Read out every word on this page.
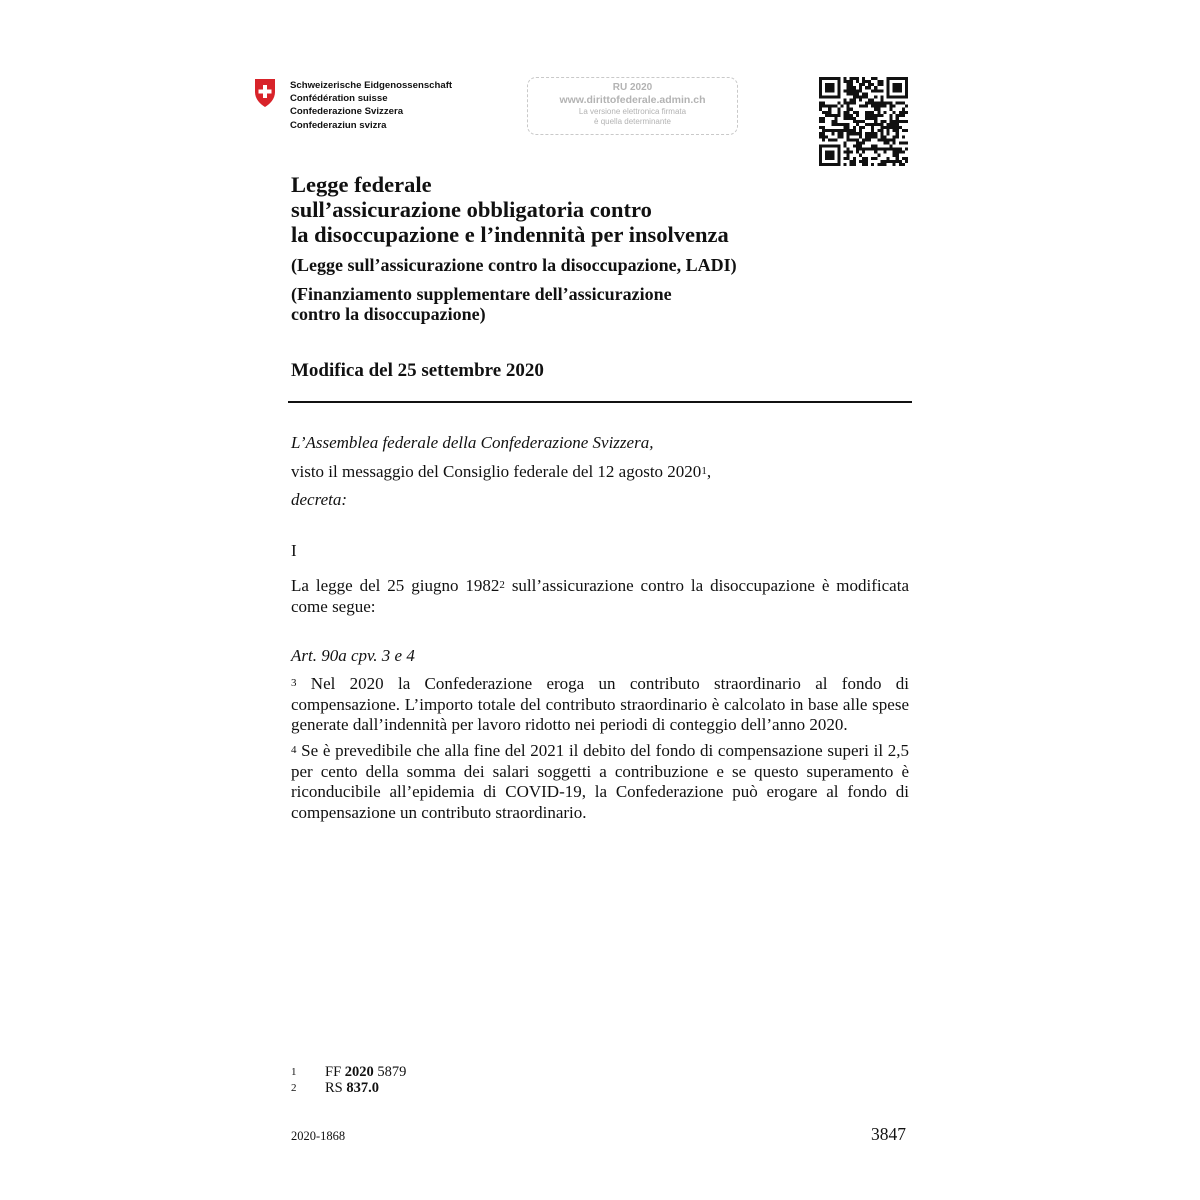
Schweizerische Eidgenossenschaft
Confédération suisse
Confederazione Svizzera
Confederaziun svizra
RU 2020
www.dirittofederale.admin.ch
La versione elettronica firmata
è quella determinante
Legge federale
sull’assicurazione obbligatoria contro
la disoccupazione e l’indennità per insolvenza
(Legge sull’assicurazione contro la disoccupazione, LADI)
(Finanziamento supplementare dell’assicurazione
contro la disoccupazione)
Modifica del 25 settembre 2020
L’Assemblea federale della Confederazione Svizzera,
visto il messaggio del Consiglio federale del 12 agosto 2020$^1$,
decreta:
I
La legge del 25 giugno 1982$^2$ sull’assicurazione contro la disoccupazione è modificata come segue:
Art. 90a cpv. 3 e 4
$^3$ Nel 2020 la Confederazione eroga un contributo straordinario al fondo di compensazione. L’importo totale del contributo straordinario è calcolato in base alle spese generate dall’indennità per lavoro ridotto nei periodi di conteggio dell’anno 2020.
$^4$ Se è prevedibile che alla fine del 2021 il debito del fondo di compensazione superi il 2,5 per cento della somma dei salari soggetti a contribuzione e se questo superamento è riconducibile all’epidemia di COVID-19, la Confederazione può erogare al fondo di compensazione un contributo straordinario.
1 FF 2020 5879
2 RS 837.0
2020-1868	3847
